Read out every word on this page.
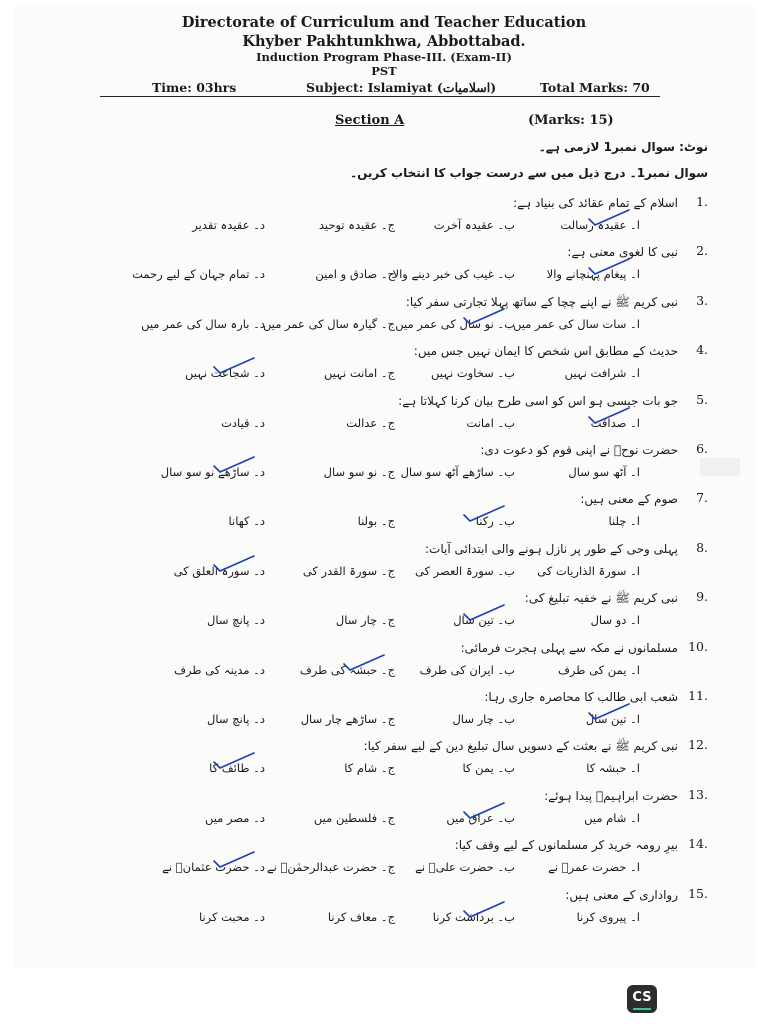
Directorate of Curriculum and Teacher Education
Khyber Pakhtunkhwa, Abbottabad.
Induction Program Phase-III. (Exam-II)
PST
Time: 03hrs	Subject: Islamiyat (اسلامیات)	Total Marks: 70
Section A	(Marks: 15)
نوٹ: سوال نمبر1 لازمی ہے۔
سوال نمبر1۔ درج ذیل میں سے درست جواب کا انتخاب کریں۔
1.
اسلام کے تمام عقائد کی بنیاد ہے:
ا۔ عقیدہ رسالت
ب۔ عقیدہ آخرت
ج۔ عقیدہ توحید
د۔ عقیدہ تقدیر
2.
نبی کا لغوی معنی ہے:
ا۔ پیغام پہنچانے والا
ب۔ غیب کی خبر دینے والا
ج۔ صادق و امین
د۔ تمام جہان کے لیے رحمت
3.
نبی کریم ﷺ نے اپنے چچا کے ساتھ پہلا تجارتی سفر کیا:
ا۔ سات سال کی عمر میں
ب۔ نو سال کی عمر میں
ج۔ گیارہ سال کی عمر میں
د۔ بارہ سال کی عمر میں
4.
حدیث کے مطابق اس شخص کا ایمان نہیں جس میں:
ا۔ شرافت نہیں
ب۔ سخاوت نہیں
ج۔ امانت نہیں
د۔ شجاعت نہیں
5.
جو بات جیسی ہو اس کو اسی طرح بیان کرنا کہلاتا ہے:
ا۔ صداقت
ب۔ امانت
ج۔ عدالت
د۔ قیادت
6.
حضرت نوحؑ نے اپنی قوم کو دعوت دی:
ا۔ آٹھ سو سال
ب۔ ساڑھے آٹھ سو سال
ج۔ نو سو سال
د۔ ساڑھے نو سو سال
7.
صوم کے معنی ہیں:
ا۔ چلنا
ب۔ رکنا
ج۔ بولنا
د۔ کھانا
8.
پہلی وحی کے طور پر نازل ہونے والی ابتدائی آیات:
ا۔ سورۃ الذاریات کی
ب۔ سورۃ العصر کی
ج۔ سورۃ القدر کی
د۔ سورۃ العلق کی
9.
نبی کریم ﷺ نے خفیہ تبلیغ کی:
ا۔ دو سال
ب۔ تین سال
ج۔ چار سال
د۔ پانچ سال
10.
مسلمانوں نے مکہ سے پہلی ہجرت فرمائی:
ا۔ یمن کی طرف
ب۔ ایران کی طرف
ج۔ حبشہ کی طرف
د۔ مدینہ کی طرف
11.
شعب ابی طالب کا محاصرہ جاری رہا:
ا۔ تین سال
ب۔ چار سال
ج۔ ساڑھے چار سال
د۔ پانچ سال
12.
نبی کریم ﷺ نے بعثت کے دسویں سال تبلیغ دین کے لیے سفر کیا:
ا۔ حبشہ کا
ب۔ یمن کا
ج۔ شام کا
د۔ طائف کا
13.
حضرت ابراہیمؑ پیدا ہوئے:
ا۔ شام میں
ب۔ عراق میں
ج۔ فلسطین میں
د۔ مصر میں
14.
بیرِ رومہ خرید کر مسلمانوں کے لیے وقف کیا:
ا۔ حضرت عمرؓ نے
ب۔ حضرت علیؓ نے
ج۔ حضرت عبدالرحمٰنؓ نے
د۔ حضرت عثمانؓ نے
15.
رواداری کے معنی ہیں:
ا۔ پیروی کرنا
ب۔ برداشت کرنا
ج۔ معاف کرنا
د۔ محبت کرنا
CS
